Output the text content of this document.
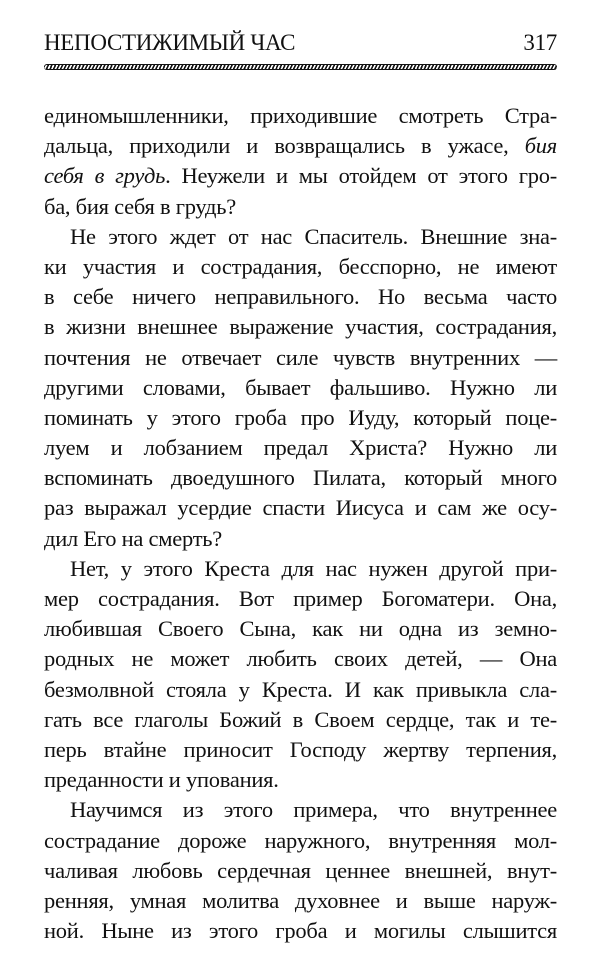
НЕПОСТИЖИМЫЙ ЧАС	317
единомышленники, приходившие смотреть Стра-
дальца, приходили и возвращались в ужасе, бия
себя в грудь. Неужели и мы отойдем от этого гро-
ба, бия себя в грудь?
Не этого ждет от нас Спаситель. Внешние зна-
ки участия и сострадания, бесспорно, не имеют
в себе ничего неправильного. Но весьма часто
в жизни внешнее выражение участия, сострадания,
почтения не отвечает силе чувств внутренних —
другими словами, бывает фальшиво. Нужно ли
поминать у этого гроба про Иуду, который поце-
луем и лобзанием предал Христа? Нужно ли
вспоминать двоедушного Пилата, который много
раз выражал усердие спасти Иисуса и сам же осу-
дил Его на смерть?
Нет, у этого Креста для нас нужен другой при-
мер сострадания. Вот пример Богоматери. Она,
любившая Своего Сына, как ни одна из земно-
родных не может любить своих детей, — Она
безмолвной стояла у Креста. И как привыкла сла-
гать все глаголы Божий в Своем сердце, так и те-
перь втайне приносит Господу жертву терпения,
преданности и упования.
Научимся из этого примера, что внутреннее
сострадание дороже наружного, внутренняя мол-
чаливая любовь сердечная ценнее внешней, внут-
ренняя, умная молитва духовнее и выше наруж-
ной. Ныне из этого гроба и могилы слышится
